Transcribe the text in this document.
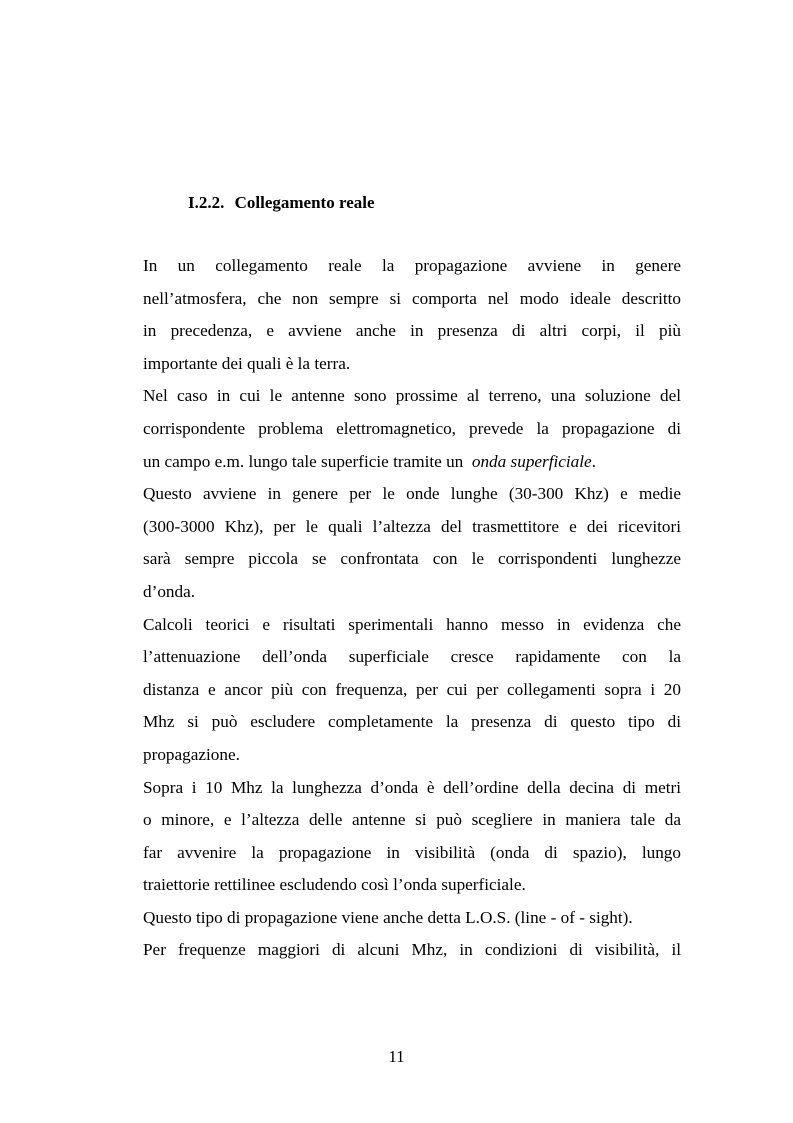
I.2.2. Collegamento reale
In un collegamento reale la propagazione avviene in genere
nell’atmosfera, che non sempre si comporta nel modo ideale descritto
in precedenza, e avviene anche in presenza di altri corpi, il più
importante dei quali è la terra.
Nel caso in cui le antenne sono prossime al terreno, una soluzione del
corrispondente problema elettromagnetico, prevede la propagazione di
un campo e.m. lungo tale superficie tramite un onda superficiale.
Questo avviene in genere per le onde lunghe (30-300 Khz) e medie
(300-3000 Khz), per le quali l’altezza del trasmettitore e dei ricevitori
sarà sempre piccola se confrontata con le corrispondenti lunghezze
d’onda.
Calcoli teorici e risultati sperimentali hanno messo in evidenza che
l’attenuazione dell’onda superficiale cresce rapidamente con la
distanza e ancor più con frequenza, per cui per collegamenti sopra i 20
Mhz si può escludere completamente la presenza di questo tipo di
propagazione.
Sopra i 10 Mhz la lunghezza d’onda è dell’ordine della decina di metri
o minore, e l’altezza delle antenne si può scegliere in maniera tale da
far avvenire la propagazione in visibilità (onda di spazio), lungo
traiettorie rettilinee escludendo così l’onda superficiale.
Questo tipo di propagazione viene anche detta L.O.S. (line - of - sight).
Per frequenze maggiori di alcuni Mhz, in condizioni di visibilità, il
11
